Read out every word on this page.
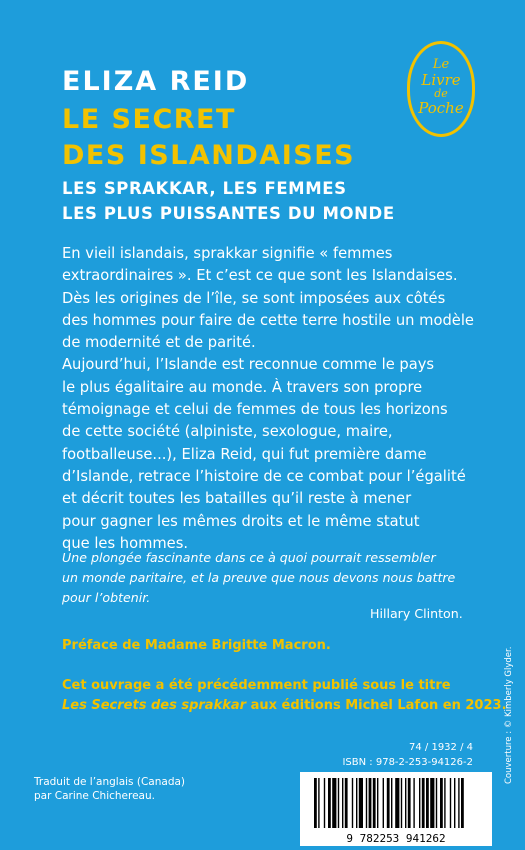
ELIZA REID
LE SECRET
DES ISLANDAISES
LES SPRAKKAR, LES FEMMES
LES PLUS PUISSANTES DU MONDE
Le
Livre
de
Poche
En vieil islandais, sprakkar signifie « femmes
extraordinaires ». Et c’est ce que sont les Islandaises.
Dès les origines de l’île, se sont imposées aux côtés
des hommes pour faire de cette terre hostile un modèle
de modernité et de parité.
Aujourd’hui, l’Islande est reconnue comme le pays
le plus égalitaire au monde. À travers son propre
témoignage et celui de femmes de tous les horizons
de cette société (alpiniste, sexologue, maire,
footballeuse...), Eliza Reid, qui fut première dame
d’Islande, retrace l’histoire de ce combat pour l’égalité
et décrit toutes les batailles qu’il reste à mener
pour gagner les mêmes droits et le même statut
que les hommes.
Une plongée fascinante dans ce à quoi pourrait ressembler
un monde paritaire, et la preuve que nous devons nous battre
pour l’obtenir.
Hillary Clinton.
Préface de Madame Brigitte Macron.
Cet ouvrage a été précédemment publié sous le titre
Les Secrets des sprakkar aux éditions Michel Lafon en 2023.
74 / 1932 / 4
ISBN : 978-2-253-94126-2
Traduit de l’anglais (Canada)
par Carine Chichereau.
Couverture : © Kimberly Glyder.
9 782253 941262
